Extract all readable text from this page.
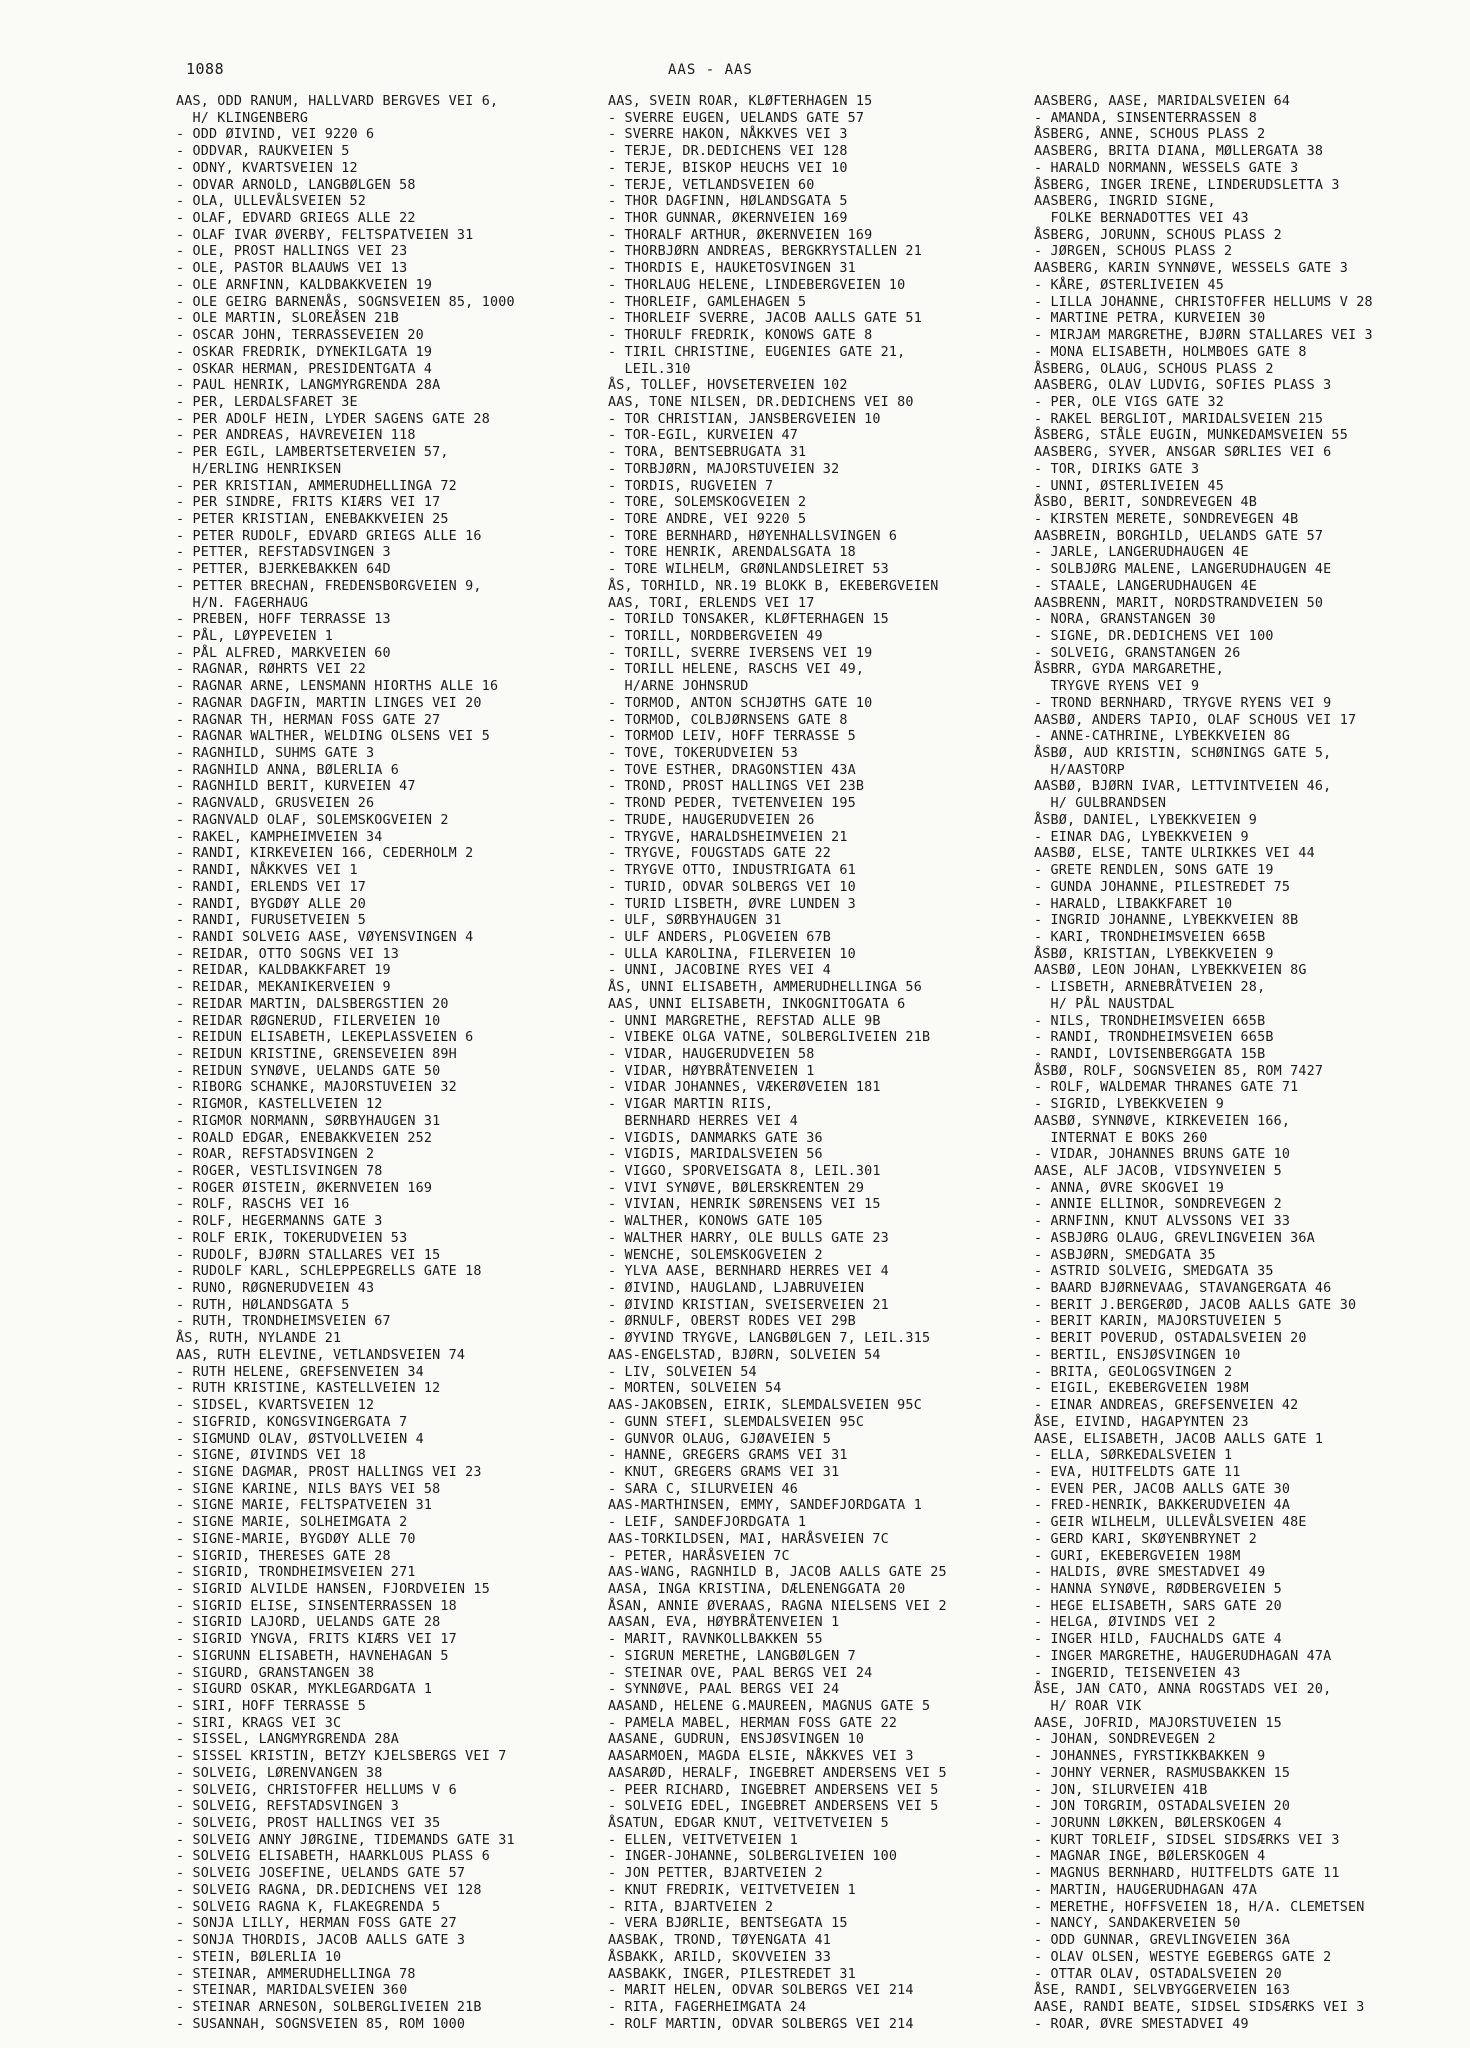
1088	AAS - AAS
AAS, ODD RANUM, HALLVARD BERGVES VEI 6,
H/ KLINGENBERG
- ODD ØIVIND, VEI 9220 6
- ODDVAR, RAUKVEIEN 5
- ODNY, KVARTSVEIEN 12
- ODVAR ARNOLD, LANGBØLGEN 58
- OLA, ULLEVÅLSVEIEN 52
- OLAF, EDVARD GRIEGS ALLE 22
- OLAF IVAR ØVERBY, FELTSPATVEIEN 31
- OLE, PROST HALLINGS VEI 23
- OLE, PASTOR BLAAUWS VEI 13
- OLE ARNFINN, KALDBAKKVEIEN 19
- OLE GEIRG BARNENÅS, SOGNSVEIEN 85, 1000
- OLE MARTIN, SLOREÅSEN 21B
- OSCAR JOHN, TERRASSEVEIEN 20
- OSKAR FREDRIK, DYNEKILGATA 19
- OSKAR HERMAN, PRESIDENTGATA 4
- PAUL HENRIK, LANGMYRGRENDA 28A
- PER, LERDALSFARET 3E
- PER ADOLF HEIN, LYDER SAGENS GATE 28
- PER ANDREAS, HAVREVEIEN 118
- PER EGIL, LAMBERTSETERVEIEN 57,
H/ERLING HENRIKSEN
- PER KRISTIAN, AMMERUDHELLINGA 72
- PER SINDRE, FRITS KIÆRS VEI 17
- PETER KRISTIAN, ENEBAKKVEIEN 25
- PETER RUDOLF, EDVARD GRIEGS ALLE 16
- PETTER, REFSTADSVINGEN 3
- PETTER, BJERKEBAKKEN 64D
- PETTER BRECHAN, FREDENSBORGVEIEN 9,
H/N. FAGERHAUG
- PREBEN, HOFF TERRASSE 13
- PÅL, LØYPEVEIEN 1
- PÅL ALFRED, MARKVEIEN 60
- RAGNAR, RØHRTS VEI 22
- RAGNAR ARNE, LENSMANN HIORTHS ALLE 16
- RAGNAR DAGFIN, MARTIN LINGES VEI 20
- RAGNAR TH, HERMAN FOSS GATE 27
- RAGNAR WALTHER, WELDING OLSENS VEI 5
- RAGNHILD, SUHMS GATE 3
- RAGNHILD ANNA, BØLERLIA 6
- RAGNHILD BERIT, KURVEIEN 47
- RAGNVALD, GRUSVEIEN 26
- RAGNVALD OLAF, SOLEMSKOGVEIEN 2
- RAKEL, KAMPHEIMVEIEN 34
- RANDI, KIRKEVEIEN 166, CEDERHOLM 2
- RANDI, NÅKKVES VEI 1
- RANDI, ERLENDS VEI 17
- RANDI, BYGDØY ALLE 20
- RANDI, FURUSETVEIEN 5
- RANDI SOLVEIG AASE, VØYENSVINGEN 4
- REIDAR, OTTO SOGNS VEI 13
- REIDAR, KALDBAKKFARET 19
- REIDAR, MEKANIKERVEIEN 9
- REIDAR MARTIN, DALSBERGSTIEN 20
- REIDAR RØGNERUD, FILERVEIEN 10
- REIDUN ELISABETH, LEKEPLASSVEIEN 6
- REIDUN KRISTINE, GRENSEVEIEN 89H
- REIDUN SYNØVE, UELANDS GATE 50
- RIBORG SCHANKE, MAJORSTUVEIEN 32
- RIGMOR, KASTELLVEIEN 12
- RIGMOR NORMANN, SØRBYHAUGEN 31
- ROALD EDGAR, ENEBAKKVEIEN 252
- ROAR, REFSTADSVINGEN 2
- ROGER, VESTLISVINGEN 78
- ROGER ØISTEIN, ØKERNVEIEN 169
- ROLF, RASCHS VEI 16
- ROLF, HEGERMANNS GATE 3
- ROLF ERIK, TOKERUDVEIEN 53
- RUDOLF, BJØRN STALLARES VEI 15
- RUDOLF KARL, SCHLEPPEGRELLS GATE 18
- RUNO, RØGNERUDVEIEN 43
- RUTH, HØLANDSGATA 5
- RUTH, TRONDHEIMSVEIEN 67
ÅS, RUTH, NYLANDE 21
AAS, RUTH ELEVINE, VETLANDSVEIEN 74
- RUTH HELENE, GREFSENVEIEN 34
- RUTH KRISTINE, KASTELLVEIEN 12
- SIDSEL, KVARTSVEIEN 12
- SIGFRID, KONGSVINGERGATA 7
- SIGMUND OLAV, ØSTVOLLVEIEN 4
- SIGNE, ØIVINDS VEI 18
- SIGNE DAGMAR, PROST HALLINGS VEI 23
- SIGNE KARINE, NILS BAYS VEI 58
- SIGNE MARIE, FELTSPATVEIEN 31
- SIGNE MARIE, SOLHEIMGATA 2
- SIGNE-MARIE, BYGDØY ALLE 70
- SIGRID, THERESES GATE 28
- SIGRID, TRONDHEIMSVEIEN 271
- SIGRID ALVILDE HANSEN, FJORDVEIEN 15
- SIGRID ELISE, SINSENTERRASSEN 18
- SIGRID LAJORD, UELANDS GATE 28
- SIGRID YNGVA, FRITS KIÆRS VEI 17
- SIGRUNN ELISABETH, HAVNEHAGAN 5
- SIGURD, GRANSTANGEN 38
- SIGURD OSKAR, MYKLEGARDGATA 1
- SIRI, HOFF TERRASSE 5
- SIRI, KRAGS VEI 3C
- SISSEL, LANGMYRGRENDA 28A
- SISSEL KRISTIN, BETZY KJELSBERGS VEI 7
- SOLVEIG, LØRENVANGEN 38
- SOLVEIG, CHRISTOFFER HELLUMS V 6
- SOLVEIG, REFSTADSVINGEN 3
- SOLVEIG, PROST HALLINGS VEI 35
- SOLVEIG ANNY JØRGINE, TIDEMANDS GATE 31
- SOLVEIG ELISABETH, HAARKLOUS PLASS 6
- SOLVEIG JOSEFINE, UELANDS GATE 57
- SOLVEIG RAGNA, DR.DEDICHENS VEI 128
- SOLVEIG RAGNA K, FLAKEGRENDA 5
- SONJA LILLY, HERMAN FOSS GATE 27
- SONJA THORDIS, JACOB AALLS GATE 3
- STEIN, BØLERLIA 10
- STEINAR, AMMERUDHELLINGA 78
- STEINAR, MARIDALSVEIEN 360
- STEINAR ARNESON, SOLBERGLIVEIEN 21B
- SUSANNAH, SOGNSVEIEN 85, ROM 1000
AAS, SVEIN ROAR, KLØFTERHAGEN 15
- SVERRE EUGEN, UELANDS GATE 57
- SVERRE HAKON, NÅKKVES VEI 3
- TERJE, DR.DEDICHENS VEI 128
- TERJE, BISKOP HEUCHS VEI 10
- TERJE, VETLANDSVEIEN 60
- THOR DAGFINN, HØLANDSGATA 5
- THOR GUNNAR, ØKERNVEIEN 169
- THORALF ARTHUR, ØKERNVEIEN 169
- THORBJØRN ANDREAS, BERGKRYSTALLEN 21
- THORDIS E, HAUKETOSVINGEN 31
- THORLAUG HELENE, LINDEBERGVEIEN 10
- THORLEIF, GAMLEHAGEN 5
- THORLEIF SVERRE, JACOB AALLS GATE 51
- THORULF FREDRIK, KONOWS GATE 8
- TIRIL CHRISTINE, EUGENIES GATE 21,
LEIL.310
ÅS, TOLLEF, HOVSETERVEIEN 102
AAS, TONE NILSEN, DR.DEDICHENS VEI 80
- TOR CHRISTIAN, JANSBERGVEIEN 10
- TOR-EGIL, KURVEIEN 47
- TORA, BENTSEBRUGATA 31
- TORBJØRN, MAJORSTUVEIEN 32
- TORDIS, RUGVEIEN 7
- TORE, SOLEMSKOGVEIEN 2
- TORE ANDRE, VEI 9220 5
- TORE BERNHARD, HØYENHALLSVINGEN 6
- TORE HENRIK, ARENDALSGATA 18
- TORE WILHELM, GRØNLANDSLEIRET 53
ÅS, TORHILD, NR.19 BLOKK B, EKEBERGVEIEN
AAS, TORI, ERLENDS VEI 17
- TORILD TONSAKER, KLØFTERHAGEN 15
- TORILL, NORDBERGVEIEN 49
- TORILL, SVERRE IVERSENS VEI 19
- TORILL HELENE, RASCHS VEI 49,
H/ARNE JOHNSRUD
- TORMOD, ANTON SCHJØTHS GATE 10
- TORMOD, COLBJØRNSENS GATE 8
- TORMOD LEIV, HOFF TERRASSE 5
- TOVE, TOKERUDVEIEN 53
- TOVE ESTHER, DRAGONSTIEN 43A
- TROND, PROST HALLINGS VEI 23B
- TROND PEDER, TVETENVEIEN 195
- TRUDE, HAUGERUDVEIEN 26
- TRYGVE, HARALDSHEIMVEIEN 21
- TRYGVE, FOUGSTADS GATE 22
- TRYGVE OTTO, INDUSTRIGATA 61
- TURID, ODVAR SOLBERGS VEI 10
- TURID LISBETH, ØVRE LUNDEN 3
- ULF, SØRBYHAUGEN 31
- ULF ANDERS, PLOGVEIEN 67B
- ULLA KAROLINA, FILERVEIEN 10
- UNNI, JACOBINE RYES VEI 4
ÅS, UNNI ELISABETH, AMMERUDHELLINGA 56
AAS, UNNI ELISABETH, INKOGNITOGATA 6
- UNNI MARGRETHE, REFSTAD ALLE 9B
- VIBEKE OLGA VATNE, SOLBERGLIVEIEN 21B
- VIDAR, HAUGERUDVEIEN 58
- VIDAR, HØYBRÅTENVEIEN 1
- VIDAR JOHANNES, VÆKERØVEIEN 181
- VIGAR MARTIN RIIS,
BERNHARD HERRES VEI 4
- VIGDIS, DANMARKS GATE 36
- VIGDIS, MARIDALSVEIEN 56
- VIGGO, SPORVEISGATA 8, LEIL.301
- VIVI SYNØVE, BØLERSKRENTEN 29
- VIVIAN, HENRIK SØRENSENS VEI 15
- WALTHER, KONOWS GATE 105
- WALTHER HARRY, OLE BULLS GATE 23
- WENCHE, SOLEMSKOGVEIEN 2
- YLVA AASE, BERNHARD HERRES VEI 4
- ØIVIND, HAUGLAND, LJABRUVEIEN
- ØIVIND KRISTIAN, SVEISERVEIEN 21
- ØRNULF, OBERST RODES VEI 29B
- ØYVIND TRYGVE, LANGBØLGEN 7, LEIL.315
AAS-ENGELSTAD, BJØRN, SOLVEIEN 54
- LIV, SOLVEIEN 54
- MORTEN, SOLVEIEN 54
AAS-JAKOBSEN, EIRIK, SLEMDALSVEIEN 95C
- GUNN STEFI, SLEMDALSVEIEN 95C
- GUNVOR OLAUG, GJØAVEIEN 5
- HANNE, GREGERS GRAMS VEI 31
- KNUT, GREGERS GRAMS VEI 31
- SARA C, SILURVEIEN 46
AAS-MARTHINSEN, EMMY, SANDEFJORDGATA 1
- LEIF, SANDEFJORDGATA 1
AAS-TORKILDSEN, MAI, HARÅSVEIEN 7C
- PETER, HARÅSVEIEN 7C
AAS-WANG, RAGNHILD B, JACOB AALLS GATE 25
AASA, INGA KRISTINA, DÆLENENGGATA 20
ÅSAN, ANNIE ØVERAAS, RAGNA NIELSENS VEI 2
AASAN, EVA, HØYBRÅTENVEIEN 1
- MARIT, RAVNKOLLBAKKEN 55
- SIGRUN MERETHE, LANGBØLGEN 7
- STEINAR OVE, PAAL BERGS VEI 24
- SYNNØVE, PAAL BERGS VEI 24
AASAND, HELENE G.MAUREEN, MAGNUS GATE 5
- PAMELA MABEL, HERMAN FOSS GATE 22
AASANE, GUDRUN, ENSJØSVINGEN 10
AASARMOEN, MAGDA ELSIE, NÅKKVES VEI 3
AASARØD, HERALF, INGEBRET ANDERSENS VEI 5
- PEER RICHARD, INGEBRET ANDERSENS VEI 5
- SOLVEIG EDEL, INGEBRET ANDERSENS VEI 5
ÅSATUN, EDGAR KNUT, VEITVETVEIEN 5
- ELLEN, VEITVETVEIEN 1
- INGER-JOHANNE, SOLBERGLIVEIEN 100
- JON PETTER, BJARTVEIEN 2
- KNUT FREDRIK, VEITVETVEIEN 1
- RITA, BJARTVEIEN 2
- VERA BJØRLIE, BENTSEGATA 15
AASBAK, TROND, TØYENGATA 41
ÅSBAKK, ARILD, SKOVVEIEN 33
AASBAKK, INGER, PILESTREDET 31
- MARIT HELEN, ODVAR SOLBERGS VEI 214
- RITA, FAGERHEIMGATA 24
- ROLF MARTIN, ODVAR SOLBERGS VEI 214
AASBERG, AASE, MARIDALSVEIEN 64
- AMANDA, SINSENTERRASSEN 8
ÅSBERG, ANNE, SCHOUS PLASS 2
AASBERG, BRITA DIANA, MØLLERGATA 38
- HARALD NORMANN, WESSELS GATE 3
ÅSBERG, INGER IRENE, LINDERUDSLETTA 3
AASBERG, INGRID SIGNE,
FOLKE BERNADOTTES VEI 43
ÅSBERG, JORUNN, SCHOUS PLASS 2
- JØRGEN, SCHOUS PLASS 2
AASBERG, KARIN SYNNØVE, WESSELS GATE 3
- KÅRE, ØSTERLIVEIEN 45
- LILLA JOHANNE, CHRISTOFFER HELLUMS V 28
- MARTINE PETRA, KURVEIEN 30
- MIRJAM MARGRETHE, BJØRN STALLARES VEI 3
- MONA ELISABETH, HOLMBOES GATE 8
ÅSBERG, OLAUG, SCHOUS PLASS 2
AASBERG, OLAV LUDVIG, SOFIES PLASS 3
- PER, OLE VIGS GATE 32
- RAKEL BERGLIOT, MARIDALSVEIEN 215
ÅSBERG, STÅLE EUGIN, MUNKEDAMSVEIEN 55
AASBERG, SYVER, ANSGAR SØRLIES VEI 6
- TOR, DIRIKS GATE 3
- UNNI, ØSTERLIVEIEN 45
ÅSBO, BERIT, SONDREVEGEN 4B
- KIRSTEN MERETE, SONDREVEGEN 4B
AASBREIN, BORGHILD, UELANDS GATE 57
- JARLE, LANGERUDHAUGEN 4E
- SOLBJØRG MALENE, LANGERUDHAUGEN 4E
- STAALE, LANGERUDHAUGEN 4E
AASBRENN, MARIT, NORDSTRANDVEIEN 50
- NORA, GRANSTANGEN 30
- SIGNE, DR.DEDICHENS VEI 100
- SOLVEIG, GRANSTANGEN 26
ÅSBRR, GYDA MARGARETHE,
TRYGVE RYENS VEI 9
- TROND BERNHARD, TRYGVE RYENS VEI 9
AASBØ, ANDERS TAPIO, OLAF SCHOUS VEI 17
- ANNE-CATHRINE, LYBEKKVEIEN 8G
ÅSBØ, AUD KRISTIN, SCHØNINGS GATE 5,
H/AASTORP
AASBØ, BJØRN IVAR, LETTVINTVEIEN 46,
H/ GULBRANDSEN
ÅSBØ, DANIEL, LYBEKKVEIEN 9
- EINAR DAG, LYBEKKVEIEN 9
AASBØ, ELSE, TANTE ULRIKKES VEI 44
- GRETE RENDLEN, SONS GATE 19
- GUNDA JOHANNE, PILESTREDET 75
- HARALD, LIBAKKFARET 10
- INGRID JOHANNE, LYBEKKVEIEN 8B
- KARI, TRONDHEIMSVEIEN 665B
ÅSBØ, KRISTIAN, LYBEKKVEIEN 9
AASBØ, LEON JOHAN, LYBEKKVEIEN 8G
- LISBETH, ARNEBRÅTVEIEN 28,
H/ PÅL NAUSTDAL
- NILS, TRONDHEIMSVEIEN 665B
- RANDI, TRONDHEIMSVEIEN 665B
- RANDI, LOVISENBERGGATA 15B
ÅSBØ, ROLF, SOGNSVEIEN 85, ROM 7427
- ROLF, WALDEMAR THRANES GATE 71
- SIGRID, LYBEKKVEIEN 9
AASBØ, SYNNØVE, KIRKEVEIEN 166,
INTERNAT E BOKS 260
- VIDAR, JOHANNES BRUNS GATE 10
AASE, ALF JACOB, VIDSYNVEIEN 5
- ANNA, ØVRE SKOGVEI 19
- ANNIE ELLINOR, SONDREVEGEN 2
- ARNFINN, KNUT ALVSSONS VEI 33
- ASBJØRG OLAUG, GREVLINGVEIEN 36A
- ASBJØRN, SMEDGATA 35
- ASTRID SOLVEIG, SMEDGATA 35
- BAARD BJØRNEVAAG, STAVANGERGATA 46
- BERIT J.BERGERØD, JACOB AALLS GATE 30
- BERIT KARIN, MAJORSTUVEIEN 5
- BERIT POVERUD, OSTADALSVEIEN 20
- BERTIL, ENSJØSVINGEN 10
- BRITA, GEOLOGSVINGEN 2
- EIGIL, EKEBERGVEIEN 198M
- EINAR ANDREAS, GREFSENVEIEN 42
ÅSE, EIVIND, HAGAPYNTEN 23
AASE, ELISABETH, JACOB AALLS GATE 1
- ELLA, SØRKEDALSVEIEN 1
- EVA, HUITFELDTS GATE 11
- EVEN PER, JACOB AALLS GATE 30
- FRED-HENRIK, BAKKERUDVEIEN 4A
- GEIR WILHELM, ULLEVÅLSVEIEN 48E
- GERD KARI, SKØYENBRYNET 2
- GURI, EKEBERGVEIEN 198M
- HALDIS, ØVRE SMESTADVEI 49
- HANNA SYNØVE, RØDBERGVEIEN 5
- HEGE ELISABETH, SARS GATE 20
- HELGA, ØIVINDS VEI 2
- INGER HILD, FAUCHALDS GATE 4
- INGER MARGRETHE, HAUGERUDHAGAN 47A
- INGERID, TEISENVEIEN 43
ÅSE, JAN CATO, ANNA ROGSTADS VEI 20,
H/ ROAR VIK
AASE, JOFRID, MAJORSTUVEIEN 15
- JOHAN, SONDREVEGEN 2
- JOHANNES, FYRSTIKKBAKKEN 9
- JOHNY VERNER, RASMUSBAKKEN 15
- JON, SILURVEIEN 41B
- JON TORGRIM, OSTADALSVEIEN 20
- JORUNN LØKKEN, BØLERSKOGEN 4
- KURT TORLEIF, SIDSEL SIDSÆRKS VEI 3
- MAGNAR INGE, BØLERSKOGEN 4
- MAGNUS BERNHARD, HUITFELDTS GATE 11
- MARTIN, HAUGERUDHAGAN 47A
- MERETHE, HOFFSVEIEN 18, H/A. CLEMETSEN
- NANCY, SANDAKERVEIEN 50
- ODD GUNNAR, GREVLINGVEIEN 36A
- OLAV OLSEN, WESTYE EGEBERGS GATE 2
- OTTAR OLAV, OSTADALSVEIEN 20
ÅSE, RANDI, SELVBYGGERVEIEN 163
AASE, RANDI BEATE, SIDSEL SIDSÆRKS VEI 3
- ROAR, ØVRE SMESTADVEI 49
